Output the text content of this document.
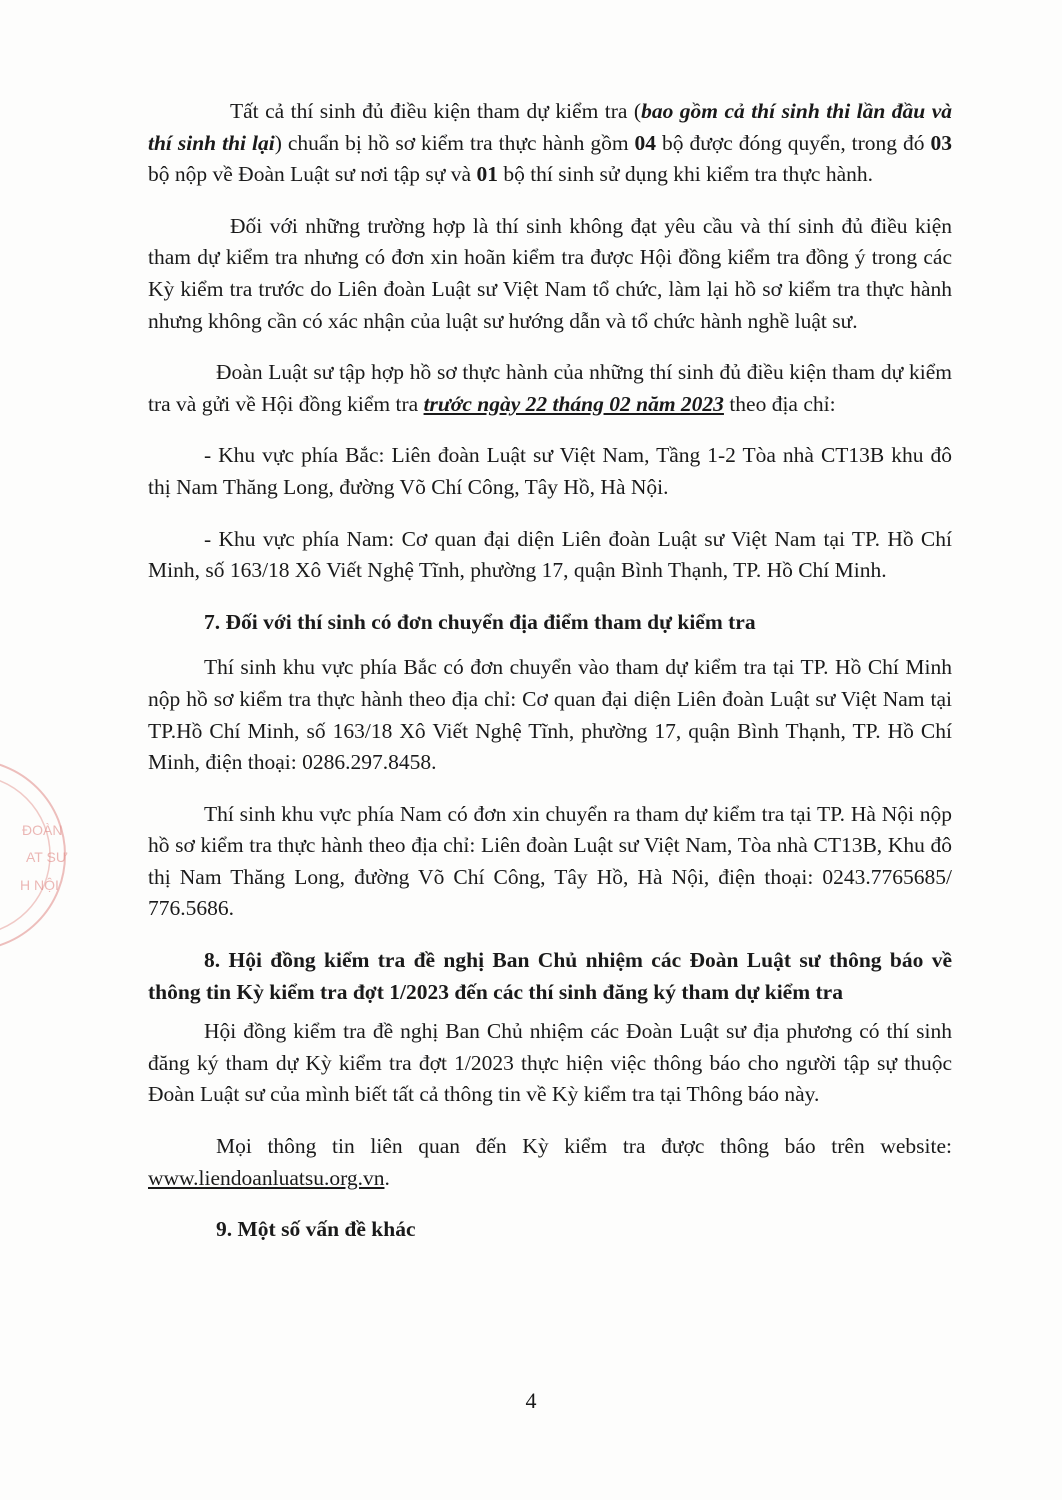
ĐOÀN
AT SƯ
H NỘI

Tất cả thí sinh đủ điều kiện tham dự kiểm tra (bao gồm cả thí sinh thi lần đầu và thí sinh thi lại) chuẩn bị hồ sơ kiểm tra thực hành gồm 04 bộ được đóng quyển, trong đó 03 bộ nộp về Đoàn Luật sư nơi tập sự và 01 bộ thí sinh sử dụng khi kiểm tra thực hành.

Đối với những trường hợp là thí sinh không đạt yêu cầu và thí sinh đủ điều kiện tham dự kiểm tra nhưng có đơn xin hoãn kiểm tra được Hội đồng kiểm tra đồng ý trong các Kỳ kiểm tra trước do Liên đoàn Luật sư Việt Nam tổ chức, làm lại hồ sơ kiểm tra thực hành nhưng không cần có xác nhận của luật sư hướng dẫn và tổ chức hành nghề luật sư.

Đoàn Luật sư tập hợp hồ sơ thực hành của những thí sinh đủ điều kiện tham dự kiểm tra và gửi về Hội đồng kiểm tra trước ngày 22 tháng 02 năm 2023 theo địa chỉ:

- Khu vực phía Bắc: Liên đoàn Luật sư Việt Nam, Tầng 1-2 Tòa nhà CT13B khu đô thị Nam Thăng Long, đường Võ Chí Công, Tây Hồ, Hà Nội.

- Khu vực phía Nam: Cơ quan đại diện Liên đoàn Luật sư Việt Nam tại TP. Hồ Chí Minh, số 163/18 Xô Viết Nghệ Tĩnh, phường 17, quận Bình Thạnh, TP. Hồ Chí Minh.

7. Đối với thí sinh có đơn chuyển địa điểm tham dự kiểm tra

Thí sinh khu vực phía Bắc có đơn chuyển vào tham dự kiểm tra tại TP. Hồ Chí Minh nộp hồ sơ kiểm tra thực hành theo địa chỉ: Cơ quan đại diện Liên đoàn Luật sư Việt Nam tại TP.Hồ Chí Minh, số 163/18 Xô Viết Nghệ Tĩnh, phường 17, quận Bình Thạnh, TP. Hồ Chí Minh, điện thoại: 0286.297.8458.

Thí sinh khu vực phía Nam có đơn xin chuyển ra tham dự kiểm tra tại TP. Hà Nội nộp hồ sơ kiểm tra thực hành theo địa chỉ: Liên đoàn Luật sư Việt Nam, Tòa nhà CT13B, Khu đô thị Nam Thăng Long, đường Võ Chí Công, Tây Hồ, Hà Nội, điện thoại: 0243.7765685/ 776.5686.

8. Hội đồng kiểm tra đề nghị Ban Chủ nhiệm các Đoàn Luật sư thông báo về thông tin Kỳ kiểm tra đợt 1/2023 đến các thí sinh đăng ký tham dự kiểm tra

Hội đồng kiểm tra đề nghị Ban Chủ nhiệm các Đoàn Luật sư địa phương có thí sinh đăng ký tham dự Kỳ kiểm tra đợt 1/2023 thực hiện việc thông báo cho người tập sự thuộc Đoàn Luật sư của mình biết tất cả thông tin về Kỳ kiểm tra tại Thông báo này.

Mọi thông tin liên quan đến Kỳ kiểm tra được thông báo trên website: www.liendoanluatsu.org.vn.

9. Một số vấn đề khác

4
